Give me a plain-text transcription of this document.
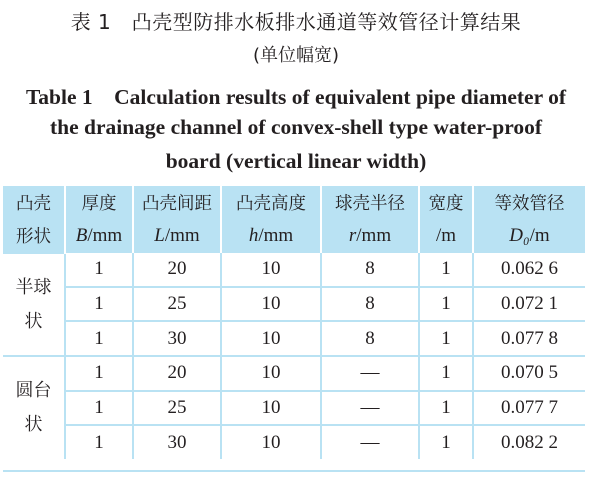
表 1　凸壳型防排水板排水通道等效管径计算结果
(单位幅宽)
Table 1　Calculation results of equivalent pipe diameter of
the drainage channel of convex-shell type water-proof
board (vertical linear width)
凸壳	厚度	凸壳间距	凸壳高度	球壳半径	宽度	等效管径
形状	B/mm	L/mm	h/mm	r/mm	/m	D₀/m

半球
状	1	20	10	8	1	0.062 6
	1	25	10	8	1	0.072 1
	1	30	10	8	1	0.077 8

圆台
状	1	20	10	—	1	0.070 5
	1	25	10	—	1	0.077 7
	1	30	10	—	1	0.082 2
